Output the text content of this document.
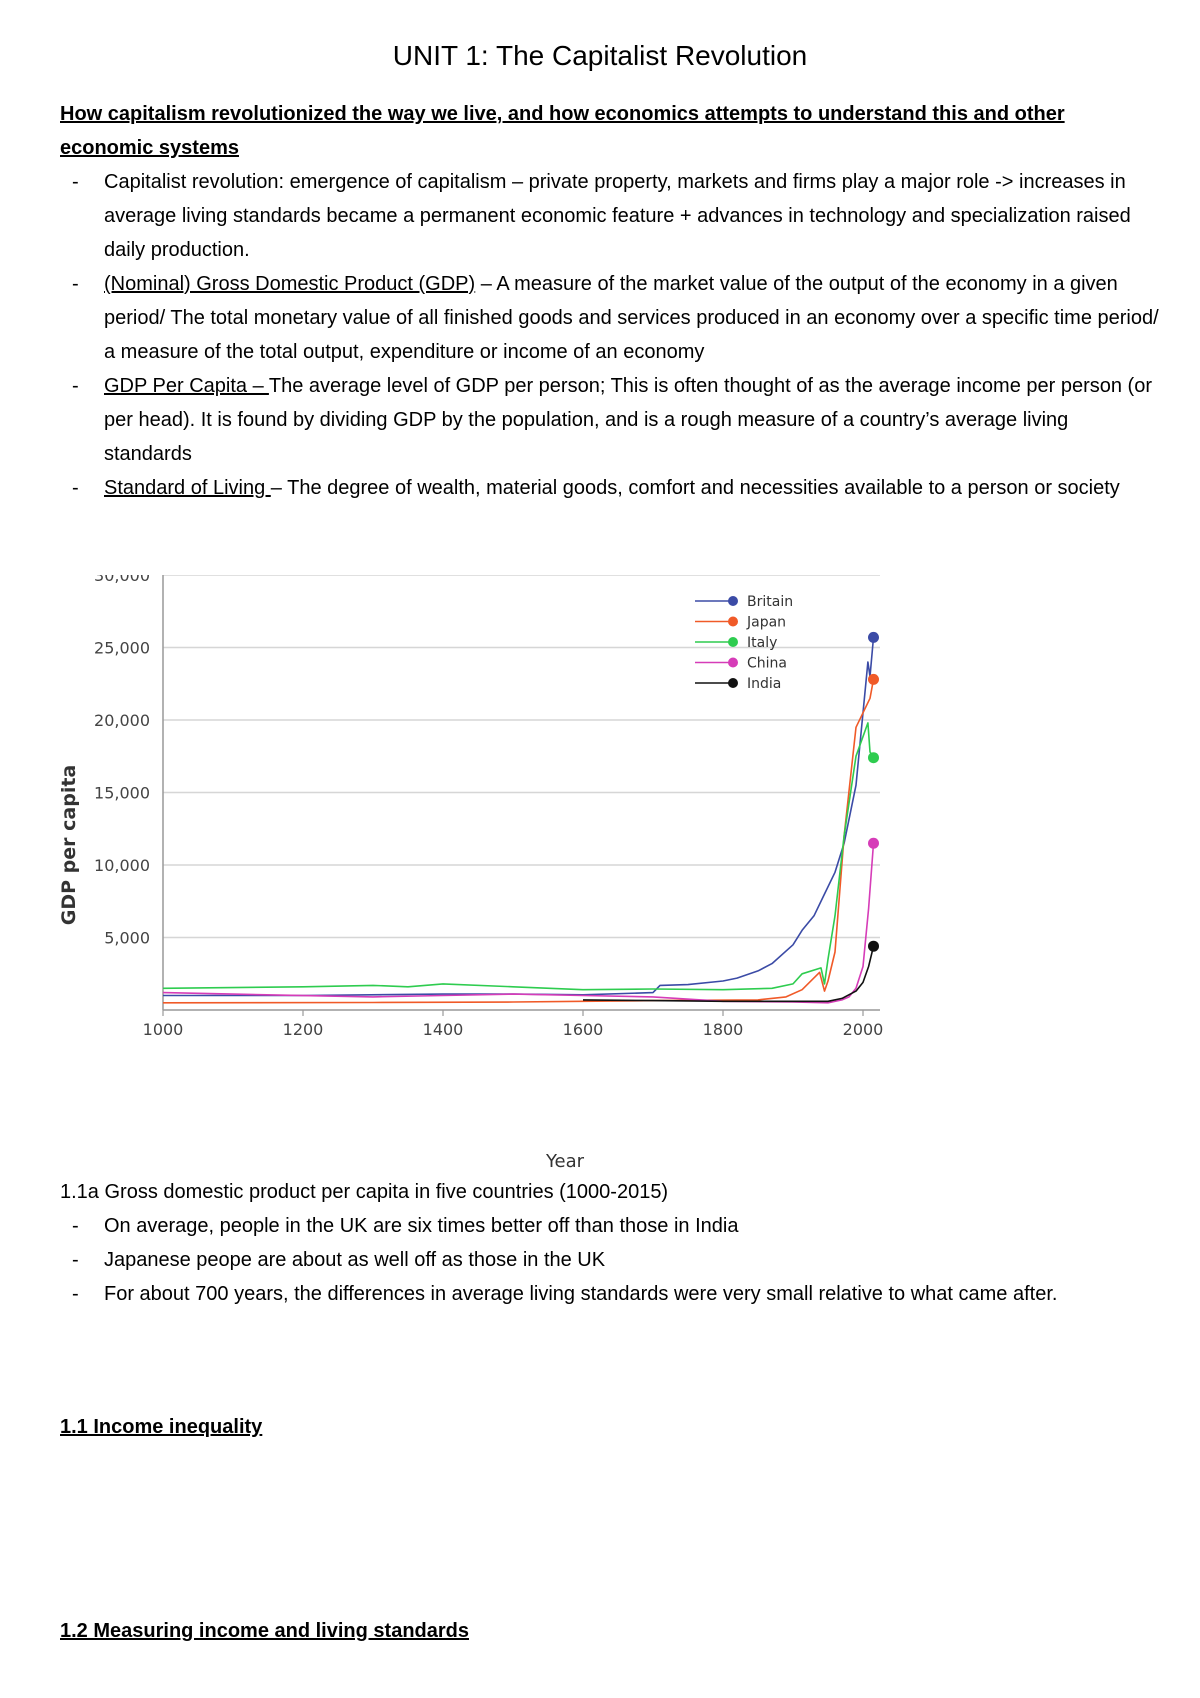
UNIT 1: The Capitalist Revolution
How capitalism revolutionized the way we live, and how economics attempts to understand this and other economic systems
- Capitalist revolution: emergence of capitalism – private property, markets and firms play a major role -> increases in average living standards became a permanent economic feature + advances in technology and specialization raised daily production.
- (Nominal) Gross Domestic Product (GDP) – A measure of the market value of the output of the economy in a given period/ The total monetary value of all finished goods and services produced in an economy over a specific time period/ a measure of the total output, expenditure or income of an economy
- GDP Per Capita – The average level of GDP per person; This is often thought of as the average income per person (or per head). It is found by dividing GDP by the population, and is a rough measure of a country’s average living standards
- Standard of Living – The degree of wealth, material goods, comfort and necessities available to a person or society
5,000
10,000
15,000
20,000
25,000
30,000
1000	1200	1400	1600	1800	2000
Britain
Japan
Italy
China
India
GDP per capita
Year
1.1a Gross domestic product per capita in five countries (1000-2015)
- On average, people in the UK are six times better off than those in India
- Japanese peope are about as well off as those in the UK
- For about 700 years, the differences in average living standards were very small relative to what came after.
1.1 Income inequality
1.2 Measuring income and living standards
